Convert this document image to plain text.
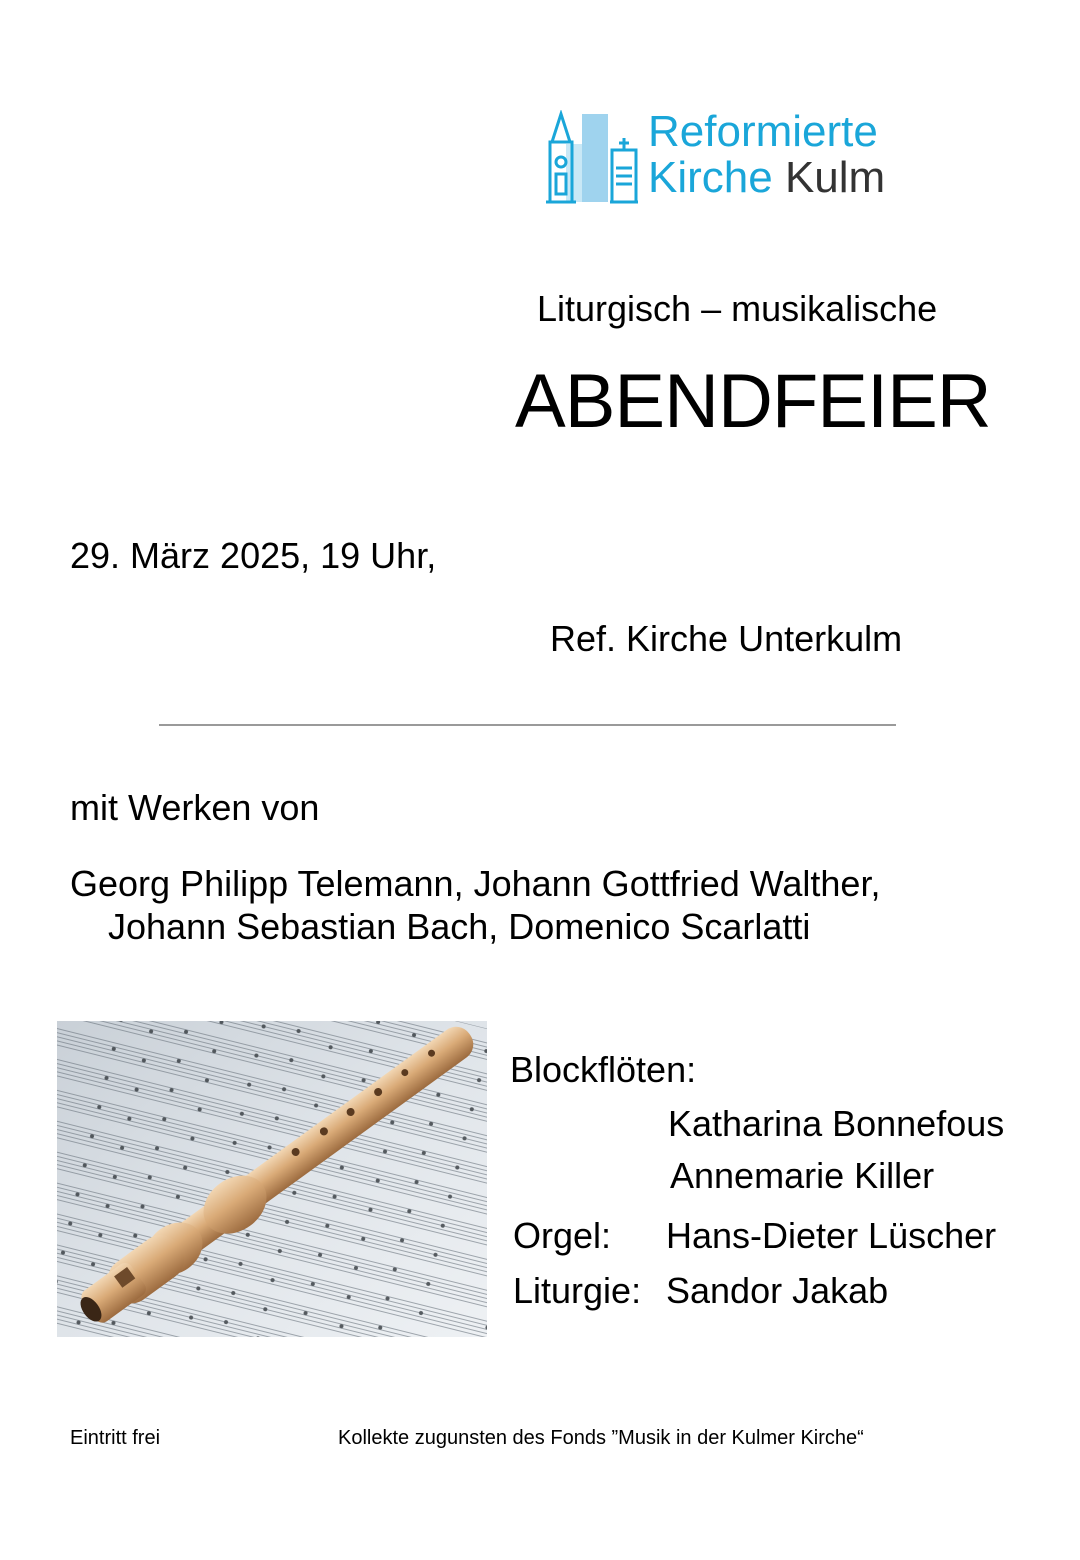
Reformierte
Kirche Kulm
Liturgisch – musikalische
ABENDFEIER
29. März 2025, 19 Uhr,
Ref. Kirche Unterkulm
mit Werken von
Georg Philipp Telemann, Johann Gottfried Walther,
Johann Sebastian Bach, Domenico Scarlatti
Blockflöten:
Katharina Bonnefous
Annemarie Killer
Orgel: Hans-Dieter Lüscher
Liturgie: Sandor Jakab
Eintritt frei	Kollekte zugunsten des Fonds ”Musik in der Kulmer Kirche“
